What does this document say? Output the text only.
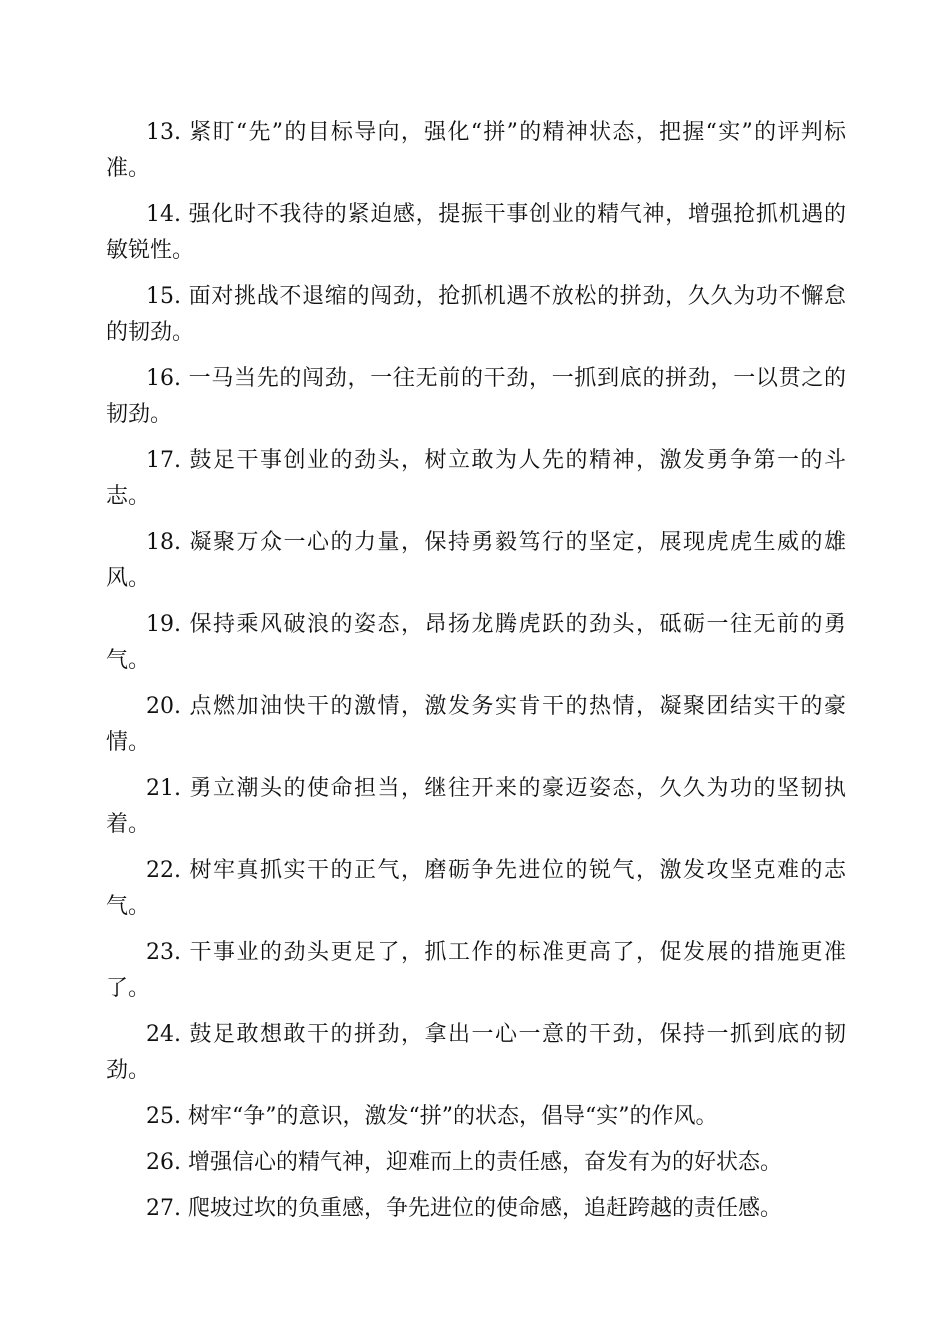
13. 紧盯“先”的目标导向，强化“拼”的精神状态，把握“实”的评判标准。

14. 强化时不我待的紧迫感，提振干事创业的精气神，增强抢抓机遇的敏锐性。

15. 面对挑战不退缩的闯劲，抢抓机遇不放松的拼劲，久久为功不懈怠的韧劲。

16. 一马当先的闯劲，一往无前的干劲，一抓到底的拼劲，一以贯之的韧劲。

17. 鼓足干事创业的劲头，树立敢为人先的精神，激发勇争第一的斗志。

18. 凝聚万众一心的力量，保持勇毅笃行的坚定，展现虎虎生威的雄风。

19. 保持乘风破浪的姿态，昂扬龙腾虎跃的劲头，砥砺一往无前的勇气。

20. 点燃加油快干的激情，激发务实肯干的热情，凝聚团结实干的豪情。

21. 勇立潮头的使命担当，继往开来的豪迈姿态，久久为功的坚韧执着。

22. 树牢真抓实干的正气，磨砺争先进位的锐气，激发攻坚克难的志气。

23. 干事业的劲头更足了，抓工作的标准更高了，促发展的措施更准了。

24. 鼓足敢想敢干的拼劲，拿出一心一意的干劲，保持一抓到底的韧劲。

25. 树牢“争”的意识，激发“拼”的状态，倡导“实”的作风。

26. 增强信心的精气神，迎难而上的责任感，奋发有为的好状态。

27. 爬坡过坎的负重感，争先进位的使命感，追赶跨越的责任感。
